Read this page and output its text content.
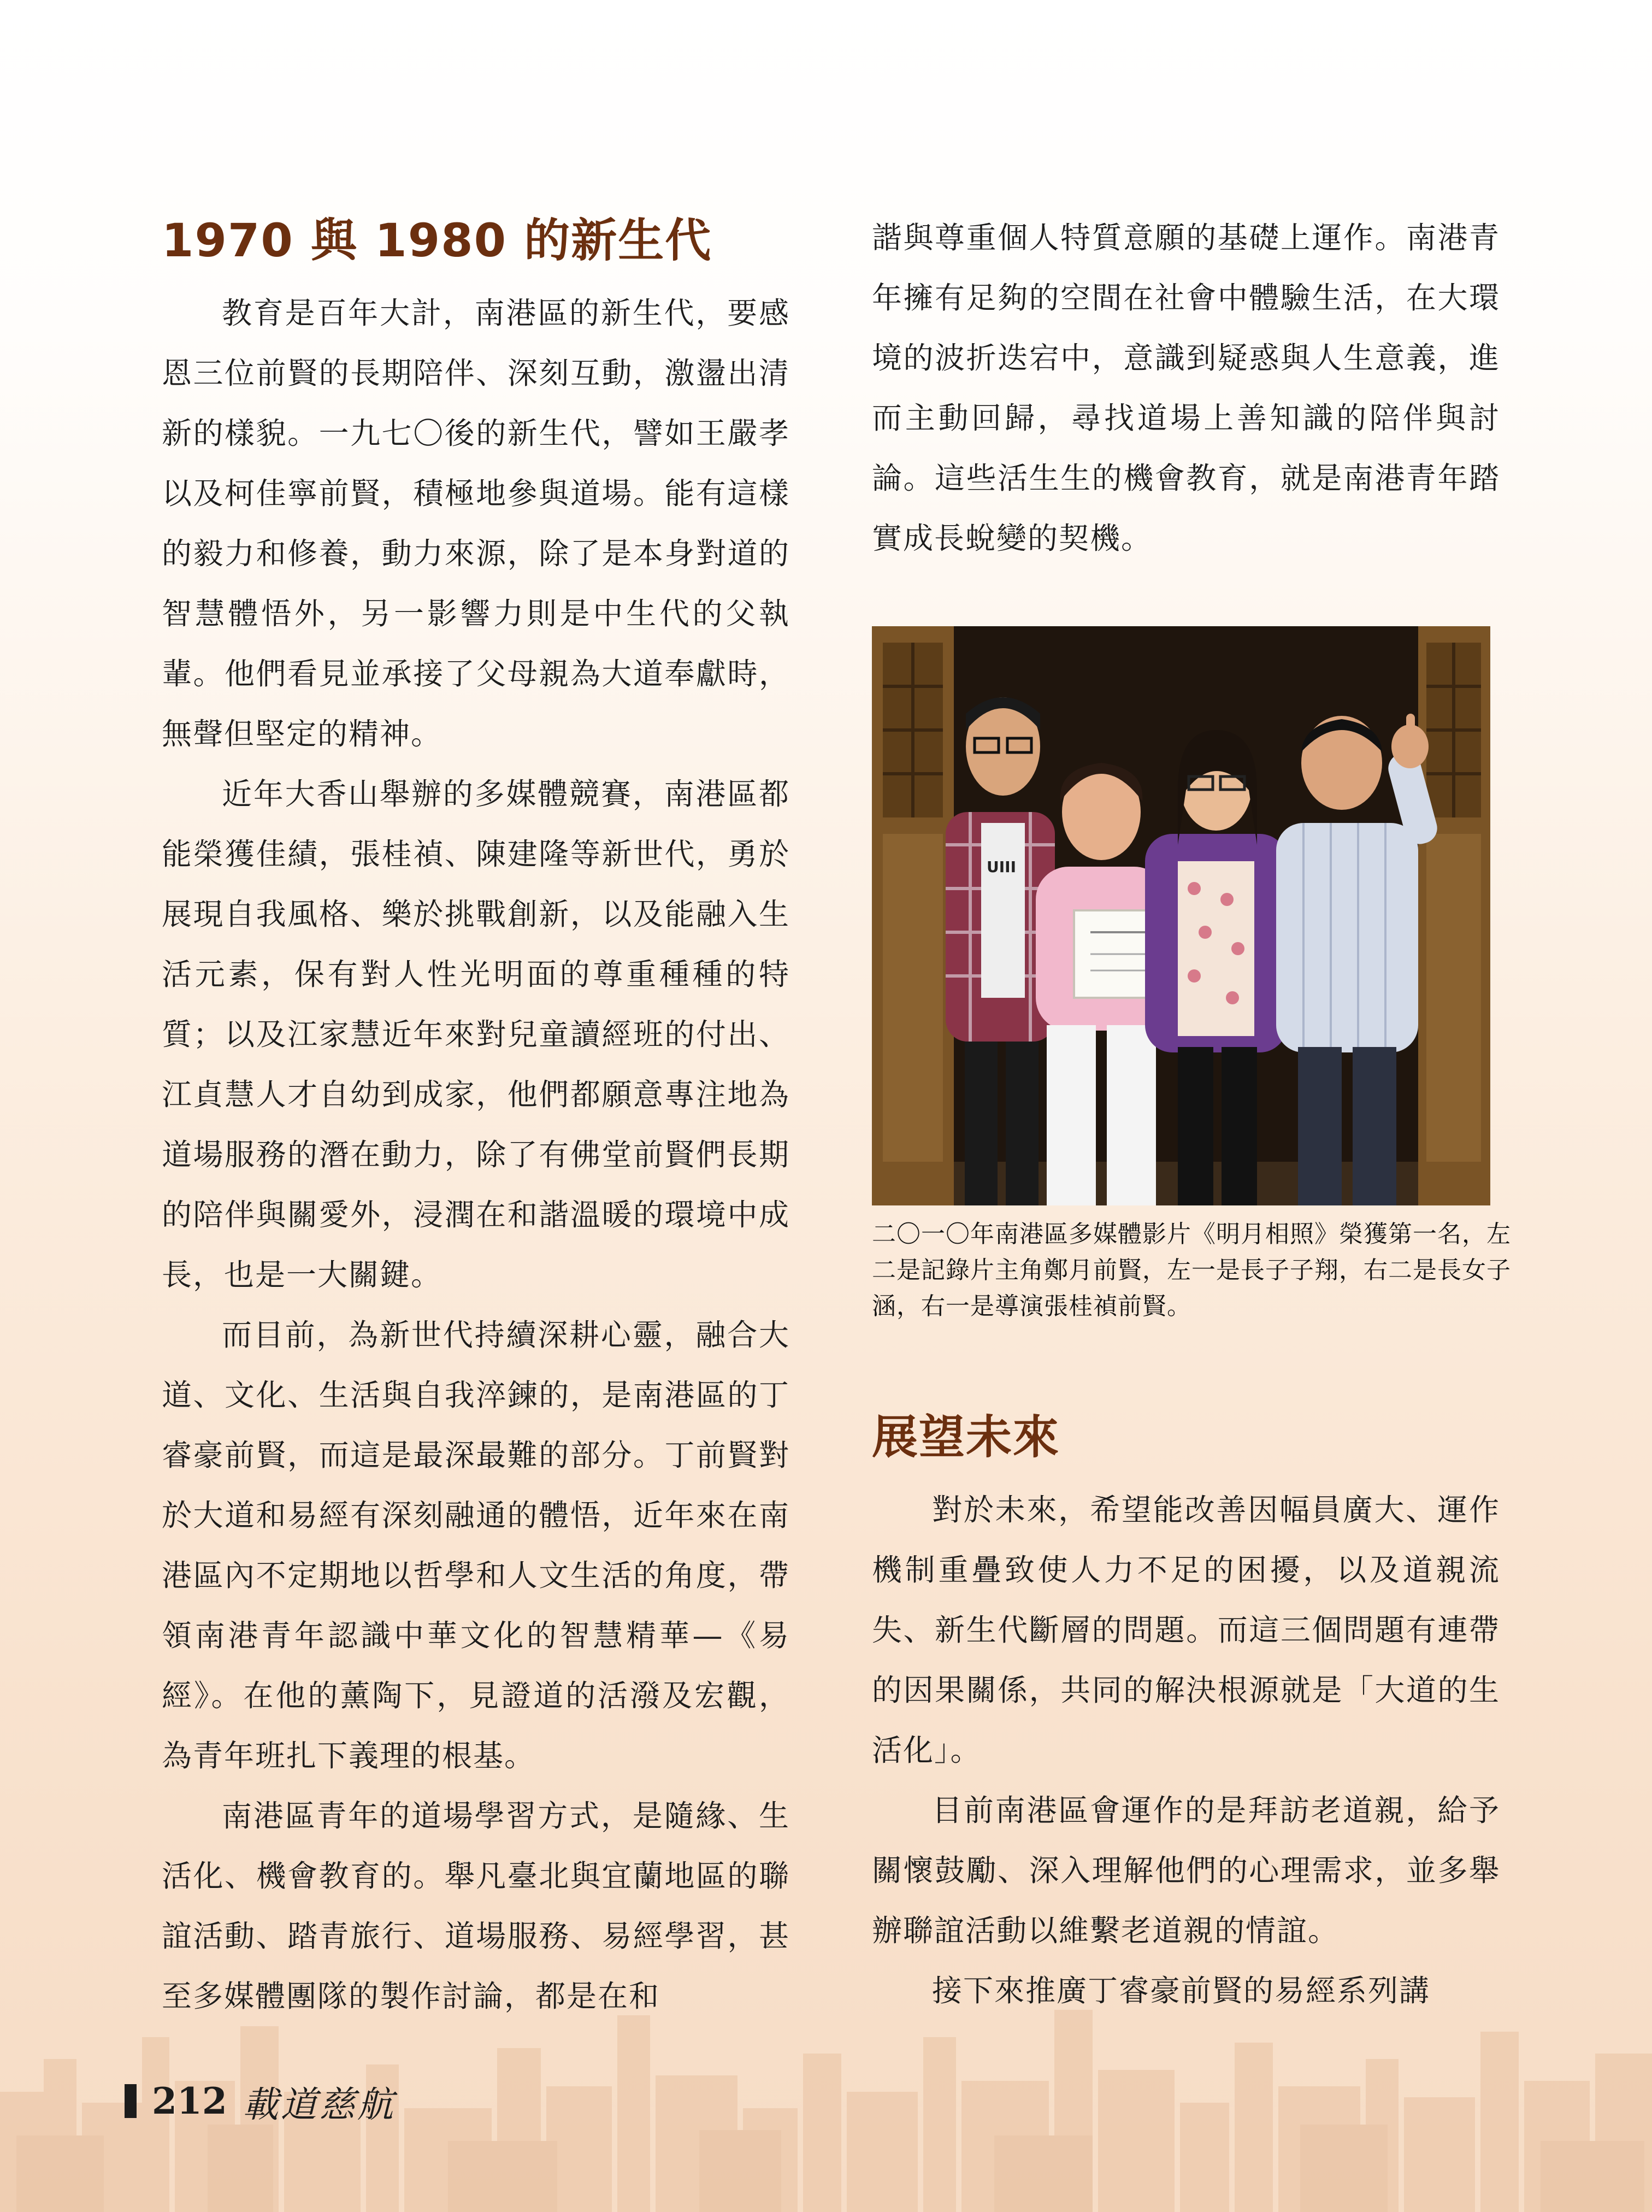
1970 與 1980 的新生代

教育是百年大計，南港區的新生代，要感恩三位前賢的長期陪伴、深刻互動，激盪出清新的樣貌。一九七〇後的新生代，譬如王嚴孝以及柯佳寧前賢，積極地參與道場。能有這樣的毅力和修養，動力來源，除了是本身對道的智慧體悟外，另一影響力則是中生代的父執輩。他們看見並承接了父母親為大道奉獻時，無聲但堅定的精神。

近年大香山舉辦的多媒體競賽，南港區都能榮獲佳績，張桂禎、陳建隆等新世代，勇於展現自我風格、樂於挑戰創新，以及能融入生活元素，保有對人性光明面的尊重種種的特質；以及江家慧近年來對兒童讀經班的付出、江貞慧人才自幼到成家，他們都願意專注地為道場服務的潛在動力，除了有佛堂前賢們長期的陪伴與關愛外，浸潤在和諧溫暖的環境中成長，也是一大關鍵。

而目前，為新世代持續深耕心靈，融合大道、文化、生活與自我淬鍊的，是南港區的丁睿豪前賢，而這是最深最難的部分。丁前賢對於大道和易經有深刻融通的體悟，近年來在南港區內不定期地以哲學和人文生活的角度，帶領南港青年認識中華文化的智慧精華—《易經》。在他的薰陶下，見證道的活潑及宏觀，為青年班扎下義理的根基。

南港區青年的道場學習方式，是隨緣、生活化、機會教育的。舉凡臺北與宜蘭地區的聯誼活動、踏青旅行、道場服務、易經學習，甚至多媒體團隊的製作討論，都是在和

諧與尊重個人特質意願的基礎上運作。南港青年擁有足夠的空間在社會中體驗生活，在大環境的波折迭宕中，意識到疑惑與人生意義，進而主動回歸，尋找道場上善知識的陪伴與討論。這些活生生的機會教育，就是南港青年踏實成長蛻變的契機。

UIII
二〇一〇年南港區多媒體影片《明月相照》榮獲第一名，左二是記錄片主角鄭月前賢，左一是長子子翔，右二是長女子涵，右一是導演張桂禎前賢。
展望未來

對於未來，希望能改善因幅員廣大、運作機制重疊致使人力不足的困擾，以及道親流失、新生代斷層的問題。而這三個問題有連帶的因果關係，共同的解決根源就是「大道的生活化」。

目前南港區會運作的是拜訪老道親，給予關懷鼓勵、深入理解他們的心理需求，並多舉辦聯誼活動以維繫老道親的情誼。

接下來推廣丁睿豪前賢的易經系列講

212 載道慈航
